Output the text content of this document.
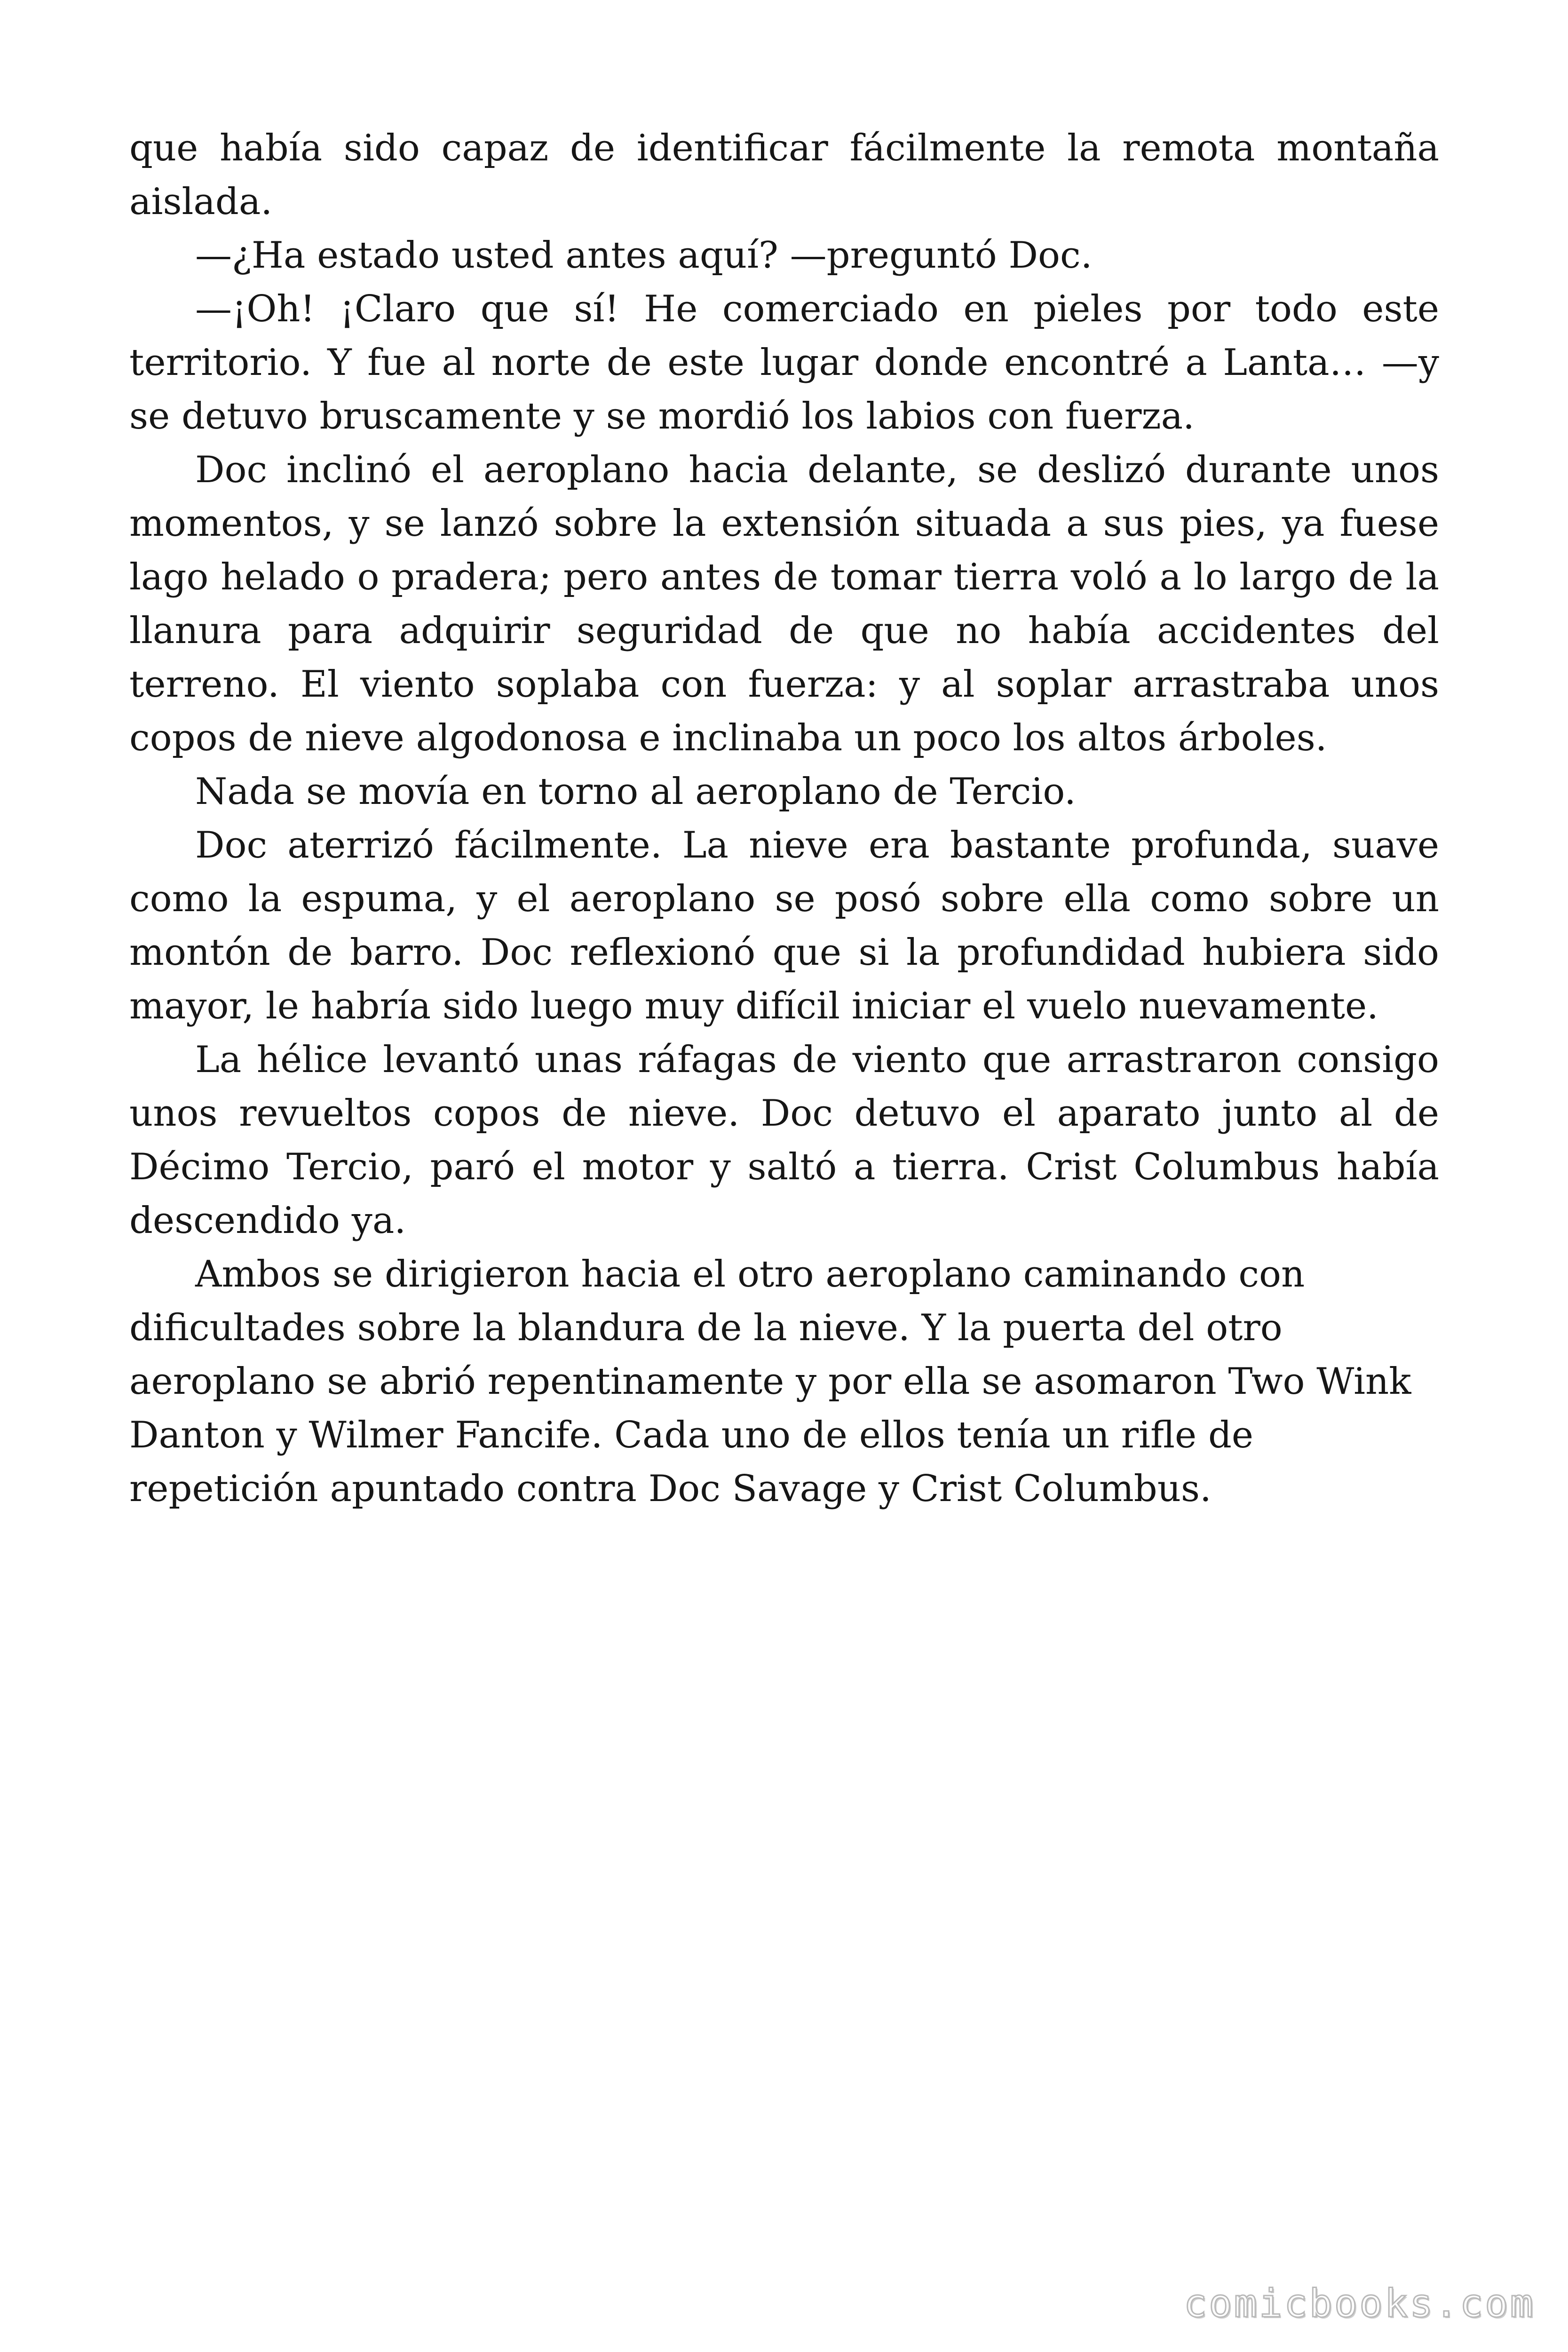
que había sido capaz de identificar fácilmente la remota montaña aislada.

—¿Ha estado usted antes aquí? —preguntó Doc.

—¡Oh! ¡Claro que sí! He comerciado en pieles por todo este territorio. Y fue al norte de este lugar donde encontré a Lanta… —y se detuvo bruscamente y se mordió los labios con fuerza.

Doc inclinó el aeroplano hacia delante, se deslizó durante unos momentos, y se lanzó sobre la extensión situada a sus pies, ya fuese lago helado o pradera; pero antes de tomar tierra voló a lo largo de la llanura para adquirir seguridad de que no había accidentes del terreno. El viento soplaba con fuerza: y al soplar arrastraba unos copos de nieve algodonosa e inclinaba un poco los altos árboles.

Nada se movía en torno al aeroplano de Tercio.

Doc aterrizó fácilmente. La nieve era bastante profunda, suave como la espuma, y el aeroplano se posó sobre ella como sobre un montón de barro. Doc reflexionó que si la profundidad hubiera sido mayor, le habría sido luego muy difícil iniciar el vuelo nuevamente.

La hélice levantó unas ráfagas de viento que arrastraron consigo unos revueltos copos de nieve. Doc detuvo el aparato junto al de Décimo Tercio, paró el motor y saltó a tierra. Crist Columbus había descendido ya.

Ambos se dirigieron hacia el otro aeroplano caminando con dificultades sobre la blandura de la nieve. Y la puerta del otro aeroplano se abrió repentinamente y por ella se asomaron Two Wink Danton y Wilmer Fancife. Cada uno de ellos tenía un rifle de repetición apuntado contra Doc Savage y Crist Columbus.

comicbooks.com
